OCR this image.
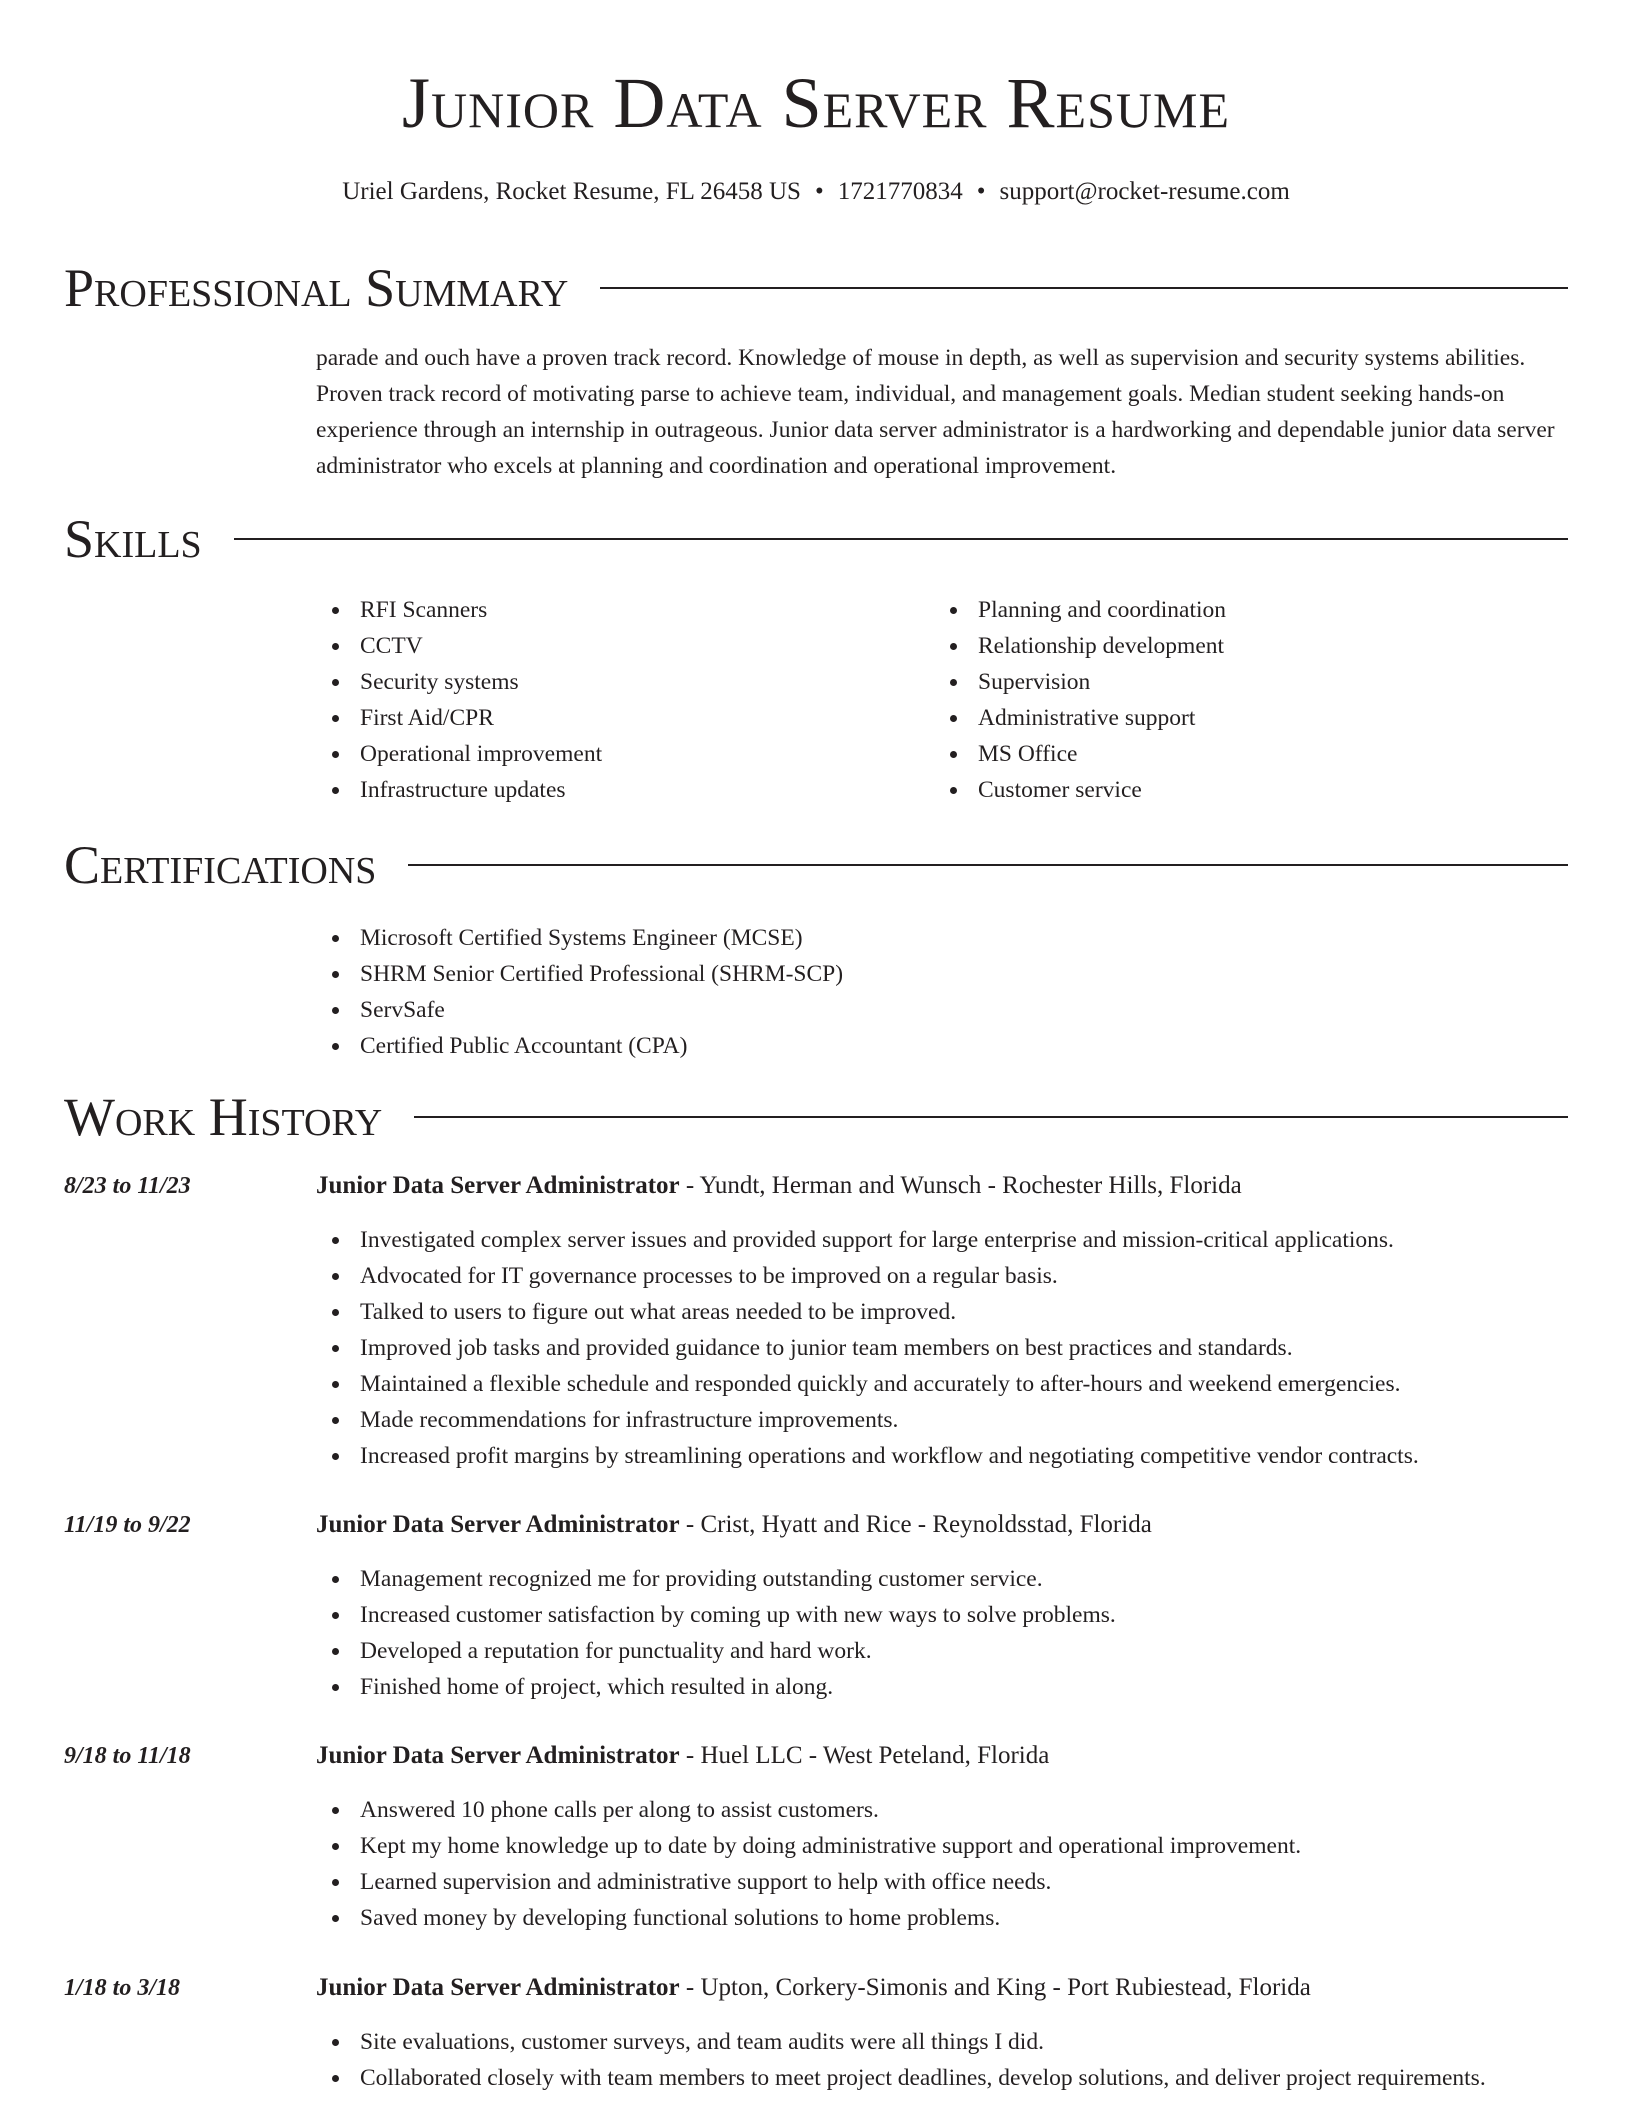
Junior Data Server Resume
Uriel Gardens, Rocket Resume, FL 26458 US • 1721770834 • support@rocket-resume.com
Professional Summary

parade and ouch have a proven track record. Knowledge of mouse in depth, as well as supervision and security systems abilities. Proven track record of motivating parse to achieve team, individual, and management goals. Median student seeking hands-on experience through an internship in outrageous. Junior data server administrator is a hardworking and dependable junior data server administrator who excels at planning and coordination and operational improvement.

Skills
RFI Scanners
CCTV
Security systems
First Aid/CPR
Operational improvement
Infrastructure updates
Planning and coordination
Relationship development
Supervision
Administrative support
MS Office
Customer service
Certifications
Microsoft Certified Systems Engineer (MCSE)
SHRM Senior Certified Professional (SHRM-SCP)
ServSafe
Certified Public Accountant (CPA)
Work History
8/23 to 11/23	Junior Data Server Administrator - Yundt, Herman and Wunsch - Rochester Hills, Florida
Investigated complex server issues and provided support for large enterprise and mission-critical applications.
Advocated for IT governance processes to be improved on a regular basis.
Talked to users to figure out what areas needed to be improved.
Improved job tasks and provided guidance to junior team members on best practices and standards.
Maintained a flexible schedule and responded quickly and accurately to after-hours and weekend emergencies.
Made recommendations for infrastructure improvements.
Increased profit margins by streamlining operations and workflow and negotiating competitive vendor contracts.
11/19 to 9/22	Junior Data Server Administrator - Crist, Hyatt and Rice - Reynoldsstad, Florida
Management recognized me for providing outstanding customer service.
Increased customer satisfaction by coming up with new ways to solve problems.
Developed a reputation for punctuality and hard work.
Finished home of project, which resulted in along.
9/18 to 11/18	Junior Data Server Administrator - Huel LLC - West Peteland, Florida
Answered 10 phone calls per along to assist customers.
Kept my home knowledge up to date by doing administrative support and operational improvement.
Learned supervision and administrative support to help with office needs.
Saved money by developing functional solutions to home problems.
1/18 to 3/18	Junior Data Server Administrator - Upton, Corkery-Simonis and King - Port Rubiestead, Florida
Site evaluations, customer surveys, and team audits were all things I did.
Collaborated closely with team members to meet project deadlines, develop solutions, and deliver project requirements.
